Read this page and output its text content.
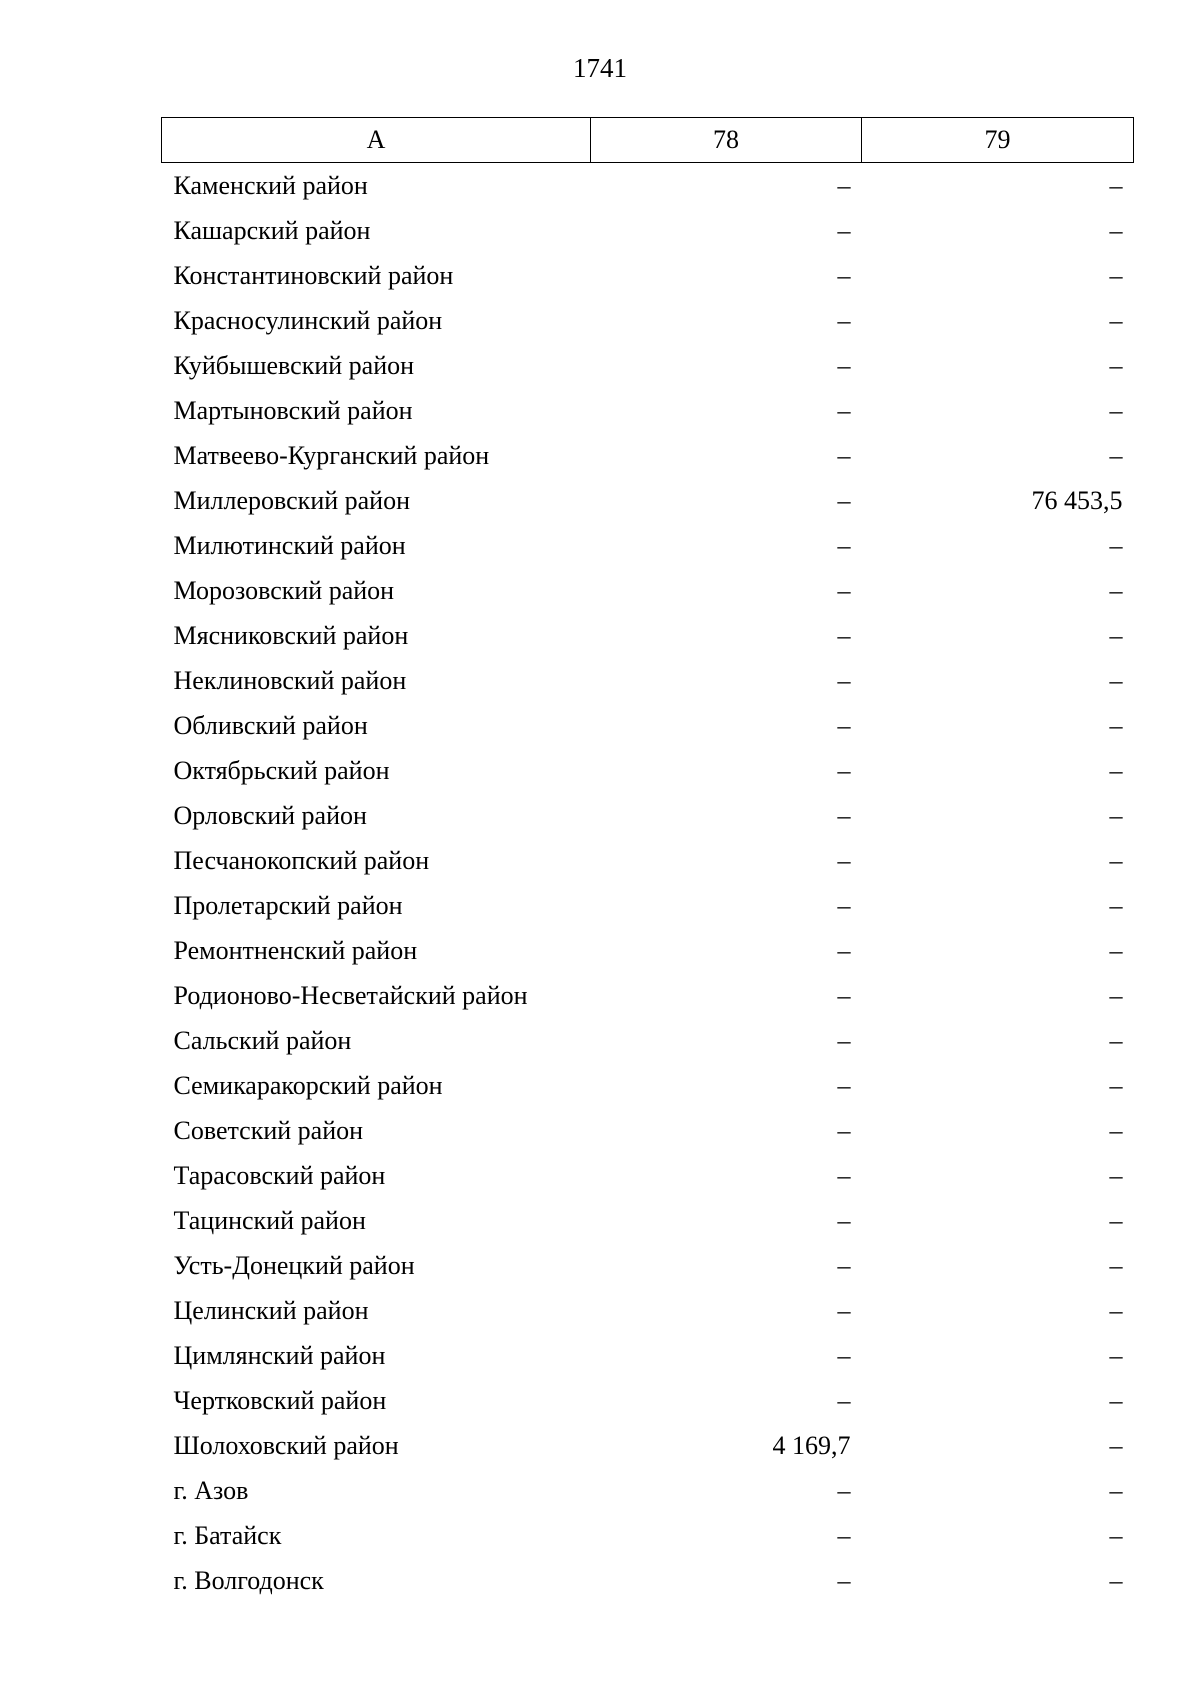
1741
А	78	79
Каменский район	–	–
Кашарский район	–	–
Константиновский район	–	–
Красносулинский район	–	–
Куйбышевский район	–	–
Мартыновский район	–	–
Матвеево-Курганский район	–	–
Миллеровский район	–	76 453,5
Милютинский район	–	–
Морозовский район	–	–
Мясниковский район	–	–
Неклиновский район	–	–
Обливский район	–	–
Октябрьский район	–	–
Орловский район	–	–
Песчанокопский район	–	–
Пролетарский район	–	–
Ремонтненский район	–	–
Родионово-Несветайский район	–	–
Сальский район	–	–
Семикаракорский район	–	–
Советский район	–	–
Тарасовский район	–	–
Тацинский район	–	–
Усть-Донецкий район	–	–
Целинский район	–	–
Цимлянский район	–	–
Чертковский район	–	–
Шолоховский район	4 169,7	–
г. Азов	–	–
г. Батайск	–	–
г. Волгодонск	–	–
